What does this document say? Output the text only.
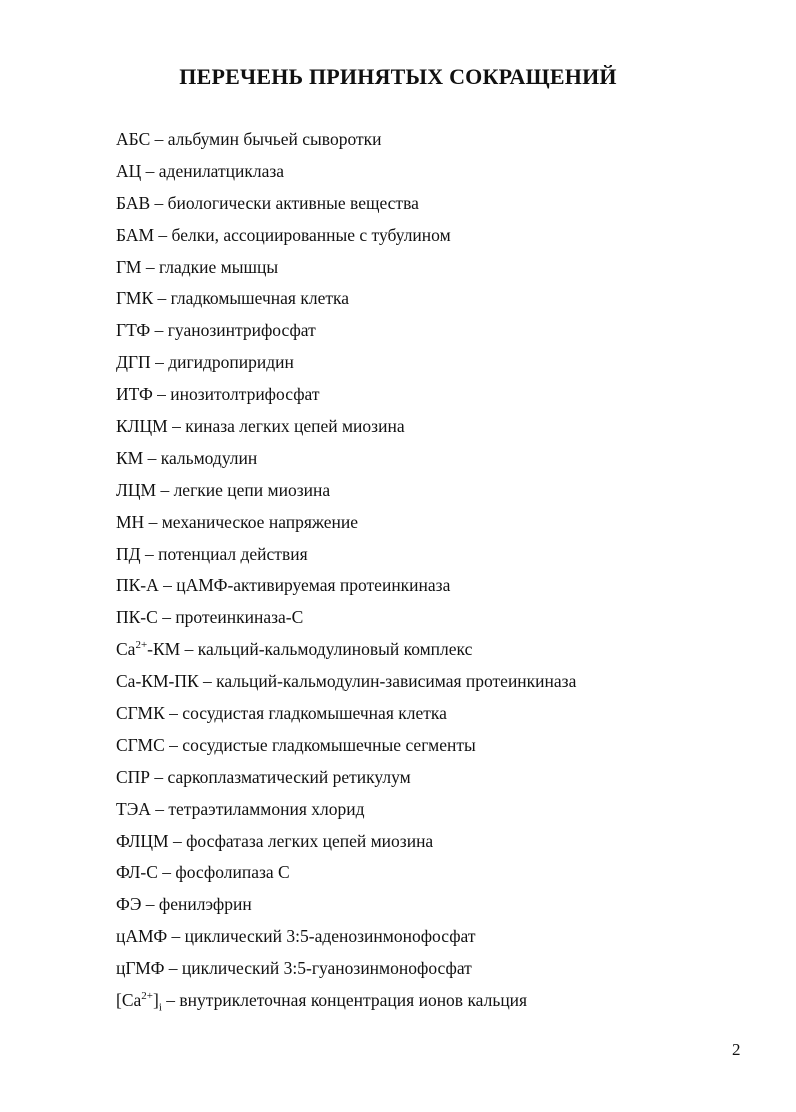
ПЕРЕЧЕНЬ ПРИНЯТЫХ СОКРАЩЕНИЙ
АБС – альбумин бычьей сыворотки
АЦ – аденилатциклаза
БАВ – биологически активные вещества
БАМ – белки, ассоциированные с тубулином
ГМ – гладкие мышцы
ГМК – гладкомышечная клетка
ГТФ – гуанозинтрифосфат
ДГП – дигидропиридин
ИТФ – инозитолтрифосфат
КЛЦМ – киназа легких цепей миозина
КМ – кальмодулин
ЛЦМ – легкие цепи миозина
МН – механическое напряжение
ПД – потенциал действия
ПК-А – цАМФ-активируемая протеинкиназа
ПК-С – протеинкиназа-С
$Ca^{2+}-КМ$ – кальций-кальмодулиновый комплекс
Са-КМ-ПК – кальций-кальмодулин-зависимая протеинкиназа
СГМК – сосудистая гладкомышечная клетка
СГМС – сосудистые гладкомышечные сегменты
СПР – саркоплазматический ретикулум
ТЭА – тетраэтиламмония хлорид
ФЛЦМ – фосфатаза легких цепей миозина
ФЛ-С – фосфолипаза С
ФЭ – фенилэфрин
цАМФ – циклический 3:5-аденозинмонофосфат
цГМФ – циклический 3:5-гуанозинмонофосфат
$[Ca^{2+}]_i$ – внутриклеточная концентрация ионов кальция
2
